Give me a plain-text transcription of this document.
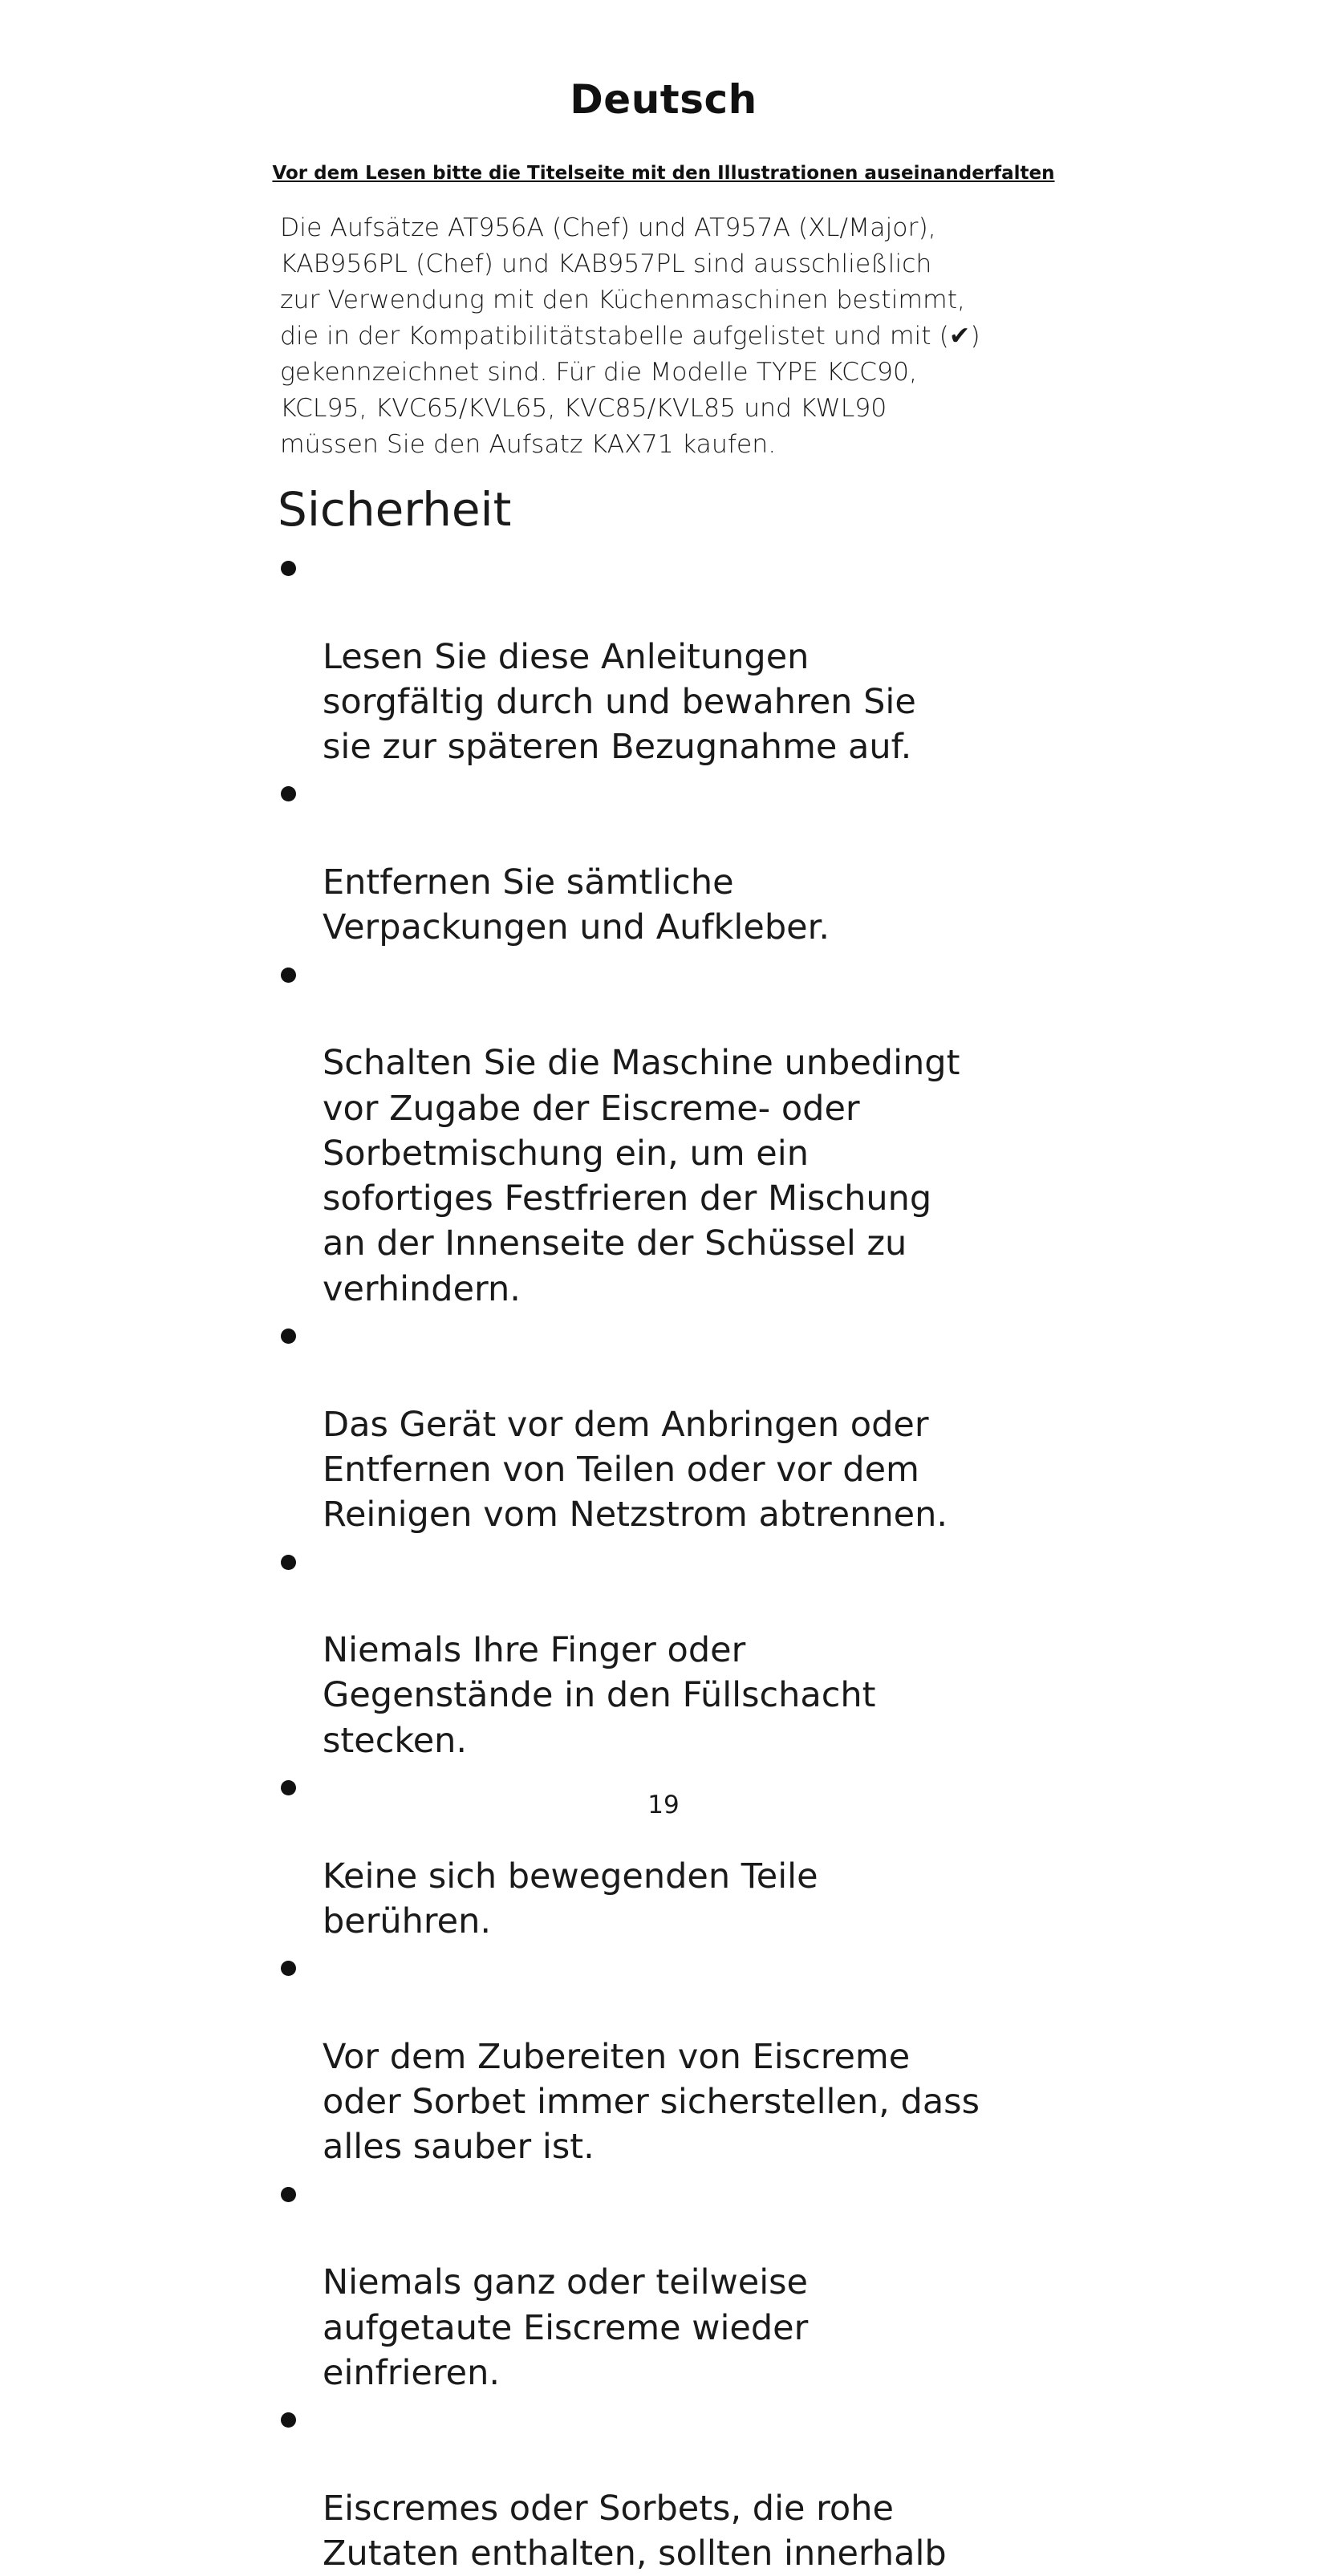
Deutsch

Vor dem Lesen bitte die Titelseite mit den Illustrationen auseinanderfalten

Die Aufsätze AT956A (Chef) und AT957A (XL/Major),
KAB956PL (Chef) und KAB957PL sind ausschließlich
zur Verwendung mit den Küchenmaschinen bestimmt,
die in der Kompatibilitätstabelle aufgelistet und mit (✔)
gekennzeichnet sind. Für die Modelle TYPE KCC90,
KCL95, KVC65/KVL65, KVC85/KVL85 und KWL90
müssen Sie den Aufsatz KAX71 kaufen.

Sicherheit

Lesen Sie diese Anleitungen
sorgfältig durch und bewahren Sie
sie zur späteren Bezugnahme auf.

Entfernen Sie sämtliche
Verpackungen und Aufkleber.

Schalten Sie die Maschine unbedingt
vor Zugabe der Eiscreme- oder
Sorbetmischung ein, um ein
sofortiges Festfrieren der Mischung
an der Innenseite der Schüssel zu
verhindern.

Das Gerät vor dem Anbringen oder
Entfernen von Teilen oder vor dem
Reinigen vom Netzstrom abtrennen.

Niemals Ihre Finger oder
Gegenstände in den Füllschacht
stecken.

Keine sich bewegenden Teile
berühren.

Vor dem Zubereiten von Eiscreme
oder Sorbet immer sicherstellen, dass
alles sauber ist.

Niemals ganz oder teilweise
aufgetaute Eiscreme wieder
einfrieren.

Eiscremes oder Sorbets, die rohe
Zutaten enthalten, sollten innerhalb

19
